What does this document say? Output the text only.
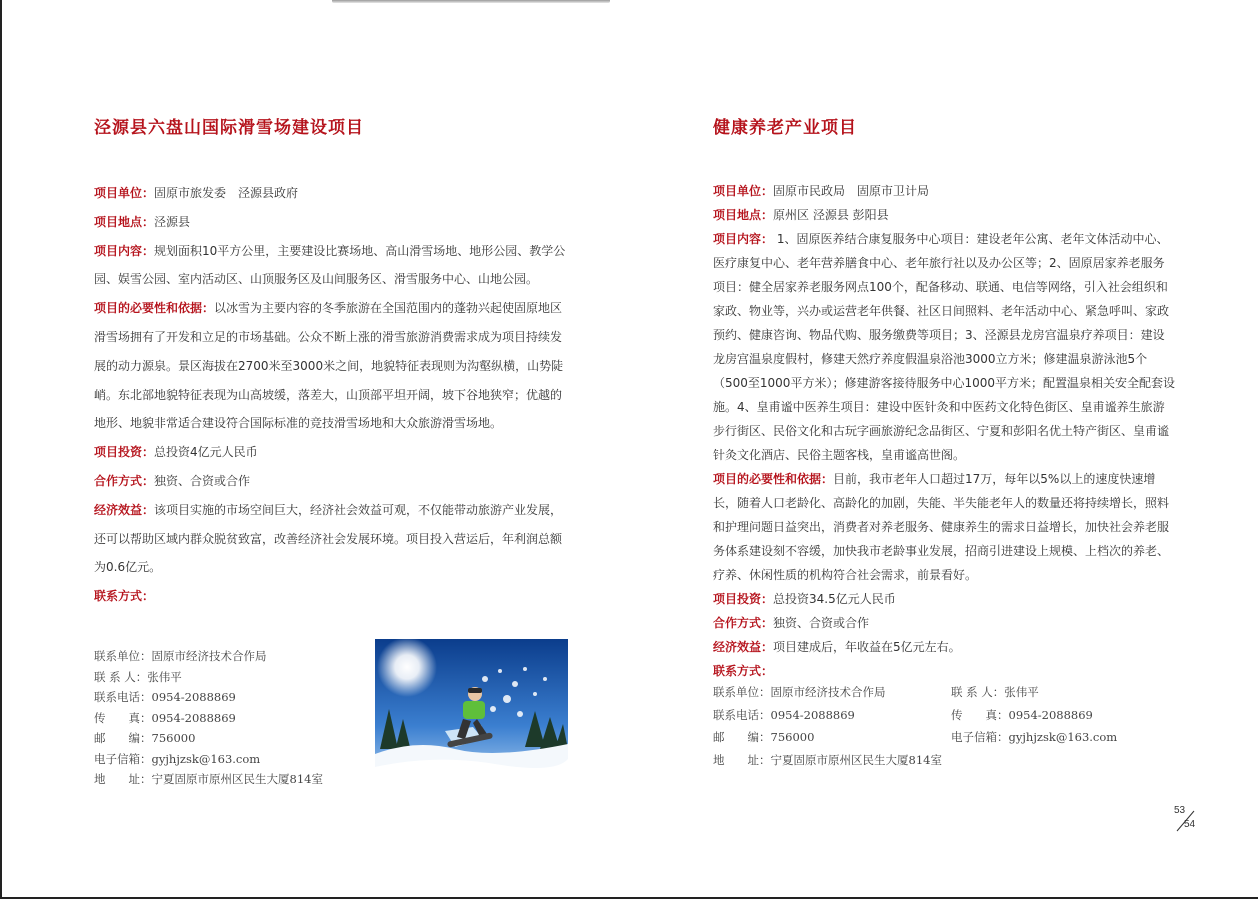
泾源县六盘山国际滑雪场建设项目
项目单位：固原市旅发委　泾源县政府
项目地点：泾源县
项目内容：规划面积10平方公里，主要建设比赛场地、高山滑雪场地、地形公园、教学公园、娱雪公园、室内活动区、山顶服务区及山间服务区、滑雪服务中心、山地公园。
项目的必要性和依据：以冰雪为主要内容的冬季旅游在全国范围内的蓬勃兴起使固原地区滑雪场拥有了开发和立足的市场基础。公众不断上涨的滑雪旅游消费需求成为项目持续发展的动力源泉。景区海拔在2700米至3000米之间，地貌特征表现则为沟壑纵横，山势陡峭。东北部地貌特征表现为山高坡缓，落差大，山顶部平坦开阔，坡下谷地狭窄；优越的地形、地貌非常适合建设符合国际标准的竞技滑雪场地和大众旅游滑雪场地。
项目投资：总投资4亿元人民币
合作方式：独资、合资或合作
经济效益：该项目实施的市场空间巨大，经济社会效益可观，不仅能带动旅游产业发展，还可以帮助区域内群众脱贫致富，改善经济社会发展环境。项目投入营运后，年利润总额为0.6亿元。
联系方式：
联系单位：固原市经济技术合作局
联 系 人：张伟平
联系电话：0954-2088869
传　　真：0954-2088869
邮　　编：756000
电子信箱：gyjhjzsk@163.com
地　　址：宁夏固原市原州区民生大厦814室
健康养老产业项目
项目单位：固原市民政局　固原市卫计局
项目地点：原州区 泾源县 彭阳县
项目内容： 1、固原医养结合康复服务中心项目：建设老年公寓、老年文体活动中心、医疗康复中心、老年营养膳食中心、老年旅行社以及办公区等；2、固原居家养老服务项目：健全居家养老服务网点100个，配备移动、联通、电信等网络，引入社会组织和家政、物业等，兴办或运营老年供餐、社区日间照料、老年活动中心、紧急呼叫、家政预约、健康咨询、物品代购、服务缴费等项目；3、泾源县龙房宫温泉疗养项目：建设龙房宫温泉度假村，修建天然疗养度假温泉浴池3000立方米；修建温泉游泳池5个（500至1000平方米）；修建游客接待服务中心1000平方米；配置温泉相关安全配套设施。4、皇甫谧中医养生项目：建设中医针灸和中医药文化特色街区、皇甫谧养生旅游步行街区、民俗文化和古玩字画旅游纪念品街区、宁夏和彭阳名优土特产街区、皇甫谧针灸文化酒店、民俗主题客栈，皇甫谧高世阁。
项目的必要性和依据：目前，我市老年人口超过17万，每年以5%以上的速度快速增长，随着人口老龄化、高龄化的加剧，失能、半失能老年人的数量还将持续增长，照料和护理问题日益突出，消费者对养老服务、健康养生的需求日益增长，加快社会养老服务体系建设刻不容缓，加快我市老龄事业发展，招商引进建设上规模、上档次的养老、疗养、休闲性质的机构符合社会需求，前景看好。
项目投资：总投资34.5亿元人民币
合作方式：独资、合资或合作
经济效益：项目建成后，年收益在5亿元左右。
联系方式：
联系单位：固原市经济技术合作局	联 系 人：张伟平
联系电话：0954-2088869	传　　真：0954-2088869
邮　　编：756000	电子信箱：gyjhjzsk@163.com
地　　址：宁夏固原市原州区民生大厦814室
53
54
